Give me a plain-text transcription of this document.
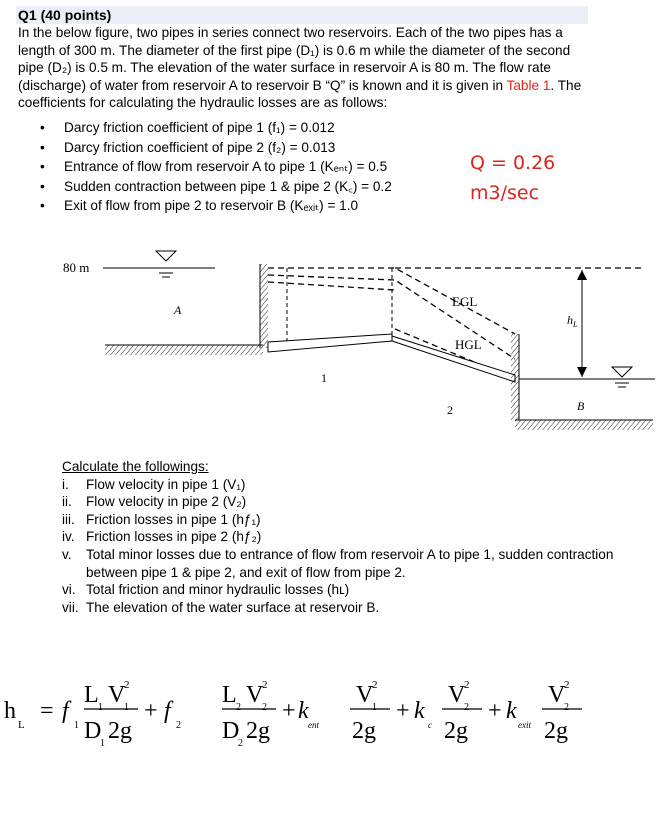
Q1 (40 points)
In the below figure, two pipes in series connect two reservoirs. Each of the two pipes has a length of 300 m. The diameter of the first pipe (D₁) is 0.6 m while the diameter of the second pipe (D₂) is 0.5 m. The elevation of the water surface in reservoir A is 80 m. The flow rate (discharge) of water from reservoir A to reservoir B “Q” is known and it is given in Table 1. The coefficients for calculating the hydraulic losses are as follows:
• Darcy friction coefficient of pipe 1 (f₁) = 0.012
• Darcy friction coefficient of pipe 2 (f₂) = 0.013
• Entrance of flow from reservoir A to pipe 1 (Kₑₙₜ) = 0.5
• Sudden contraction between pipe 1 & pipe 2 (K꜀) = 0.2
• Exit of flow from pipe 2 to reservoir B (Kₑₓᵢₜ) = 1.0
Q = 0.26
m3/sec
80 m
A
EGL
HGL
1
2	B
$h_L$
Calculate the followings:
i.	Flow velocity in pipe 1 (V₁)
ii.	Flow velocity in pipe 2 (V₂)
iii. Friction losses in pipe 1 (hƒ₁)
iv. Friction losses in pipe 2 (hƒ₂)
v.	Total minor losses due to entrance of flow from reservoir A to pipe 1, sudden contraction between pipe 1 & pipe 2, and exit of flow from pipe 2.
vi. Total friction and minor hydraulic losses (hʟ)
vii. The elevation of the water surface at reservoir B.
h
L
= f
1
L 1 V
2
1
D
1 2g
+ f
2
L 2 V
2
2
D
2 2g
+ k
ent
V
2
1
2g
+ k
c
V
2
2
2g
+ k
exit
V
2
2
2g
